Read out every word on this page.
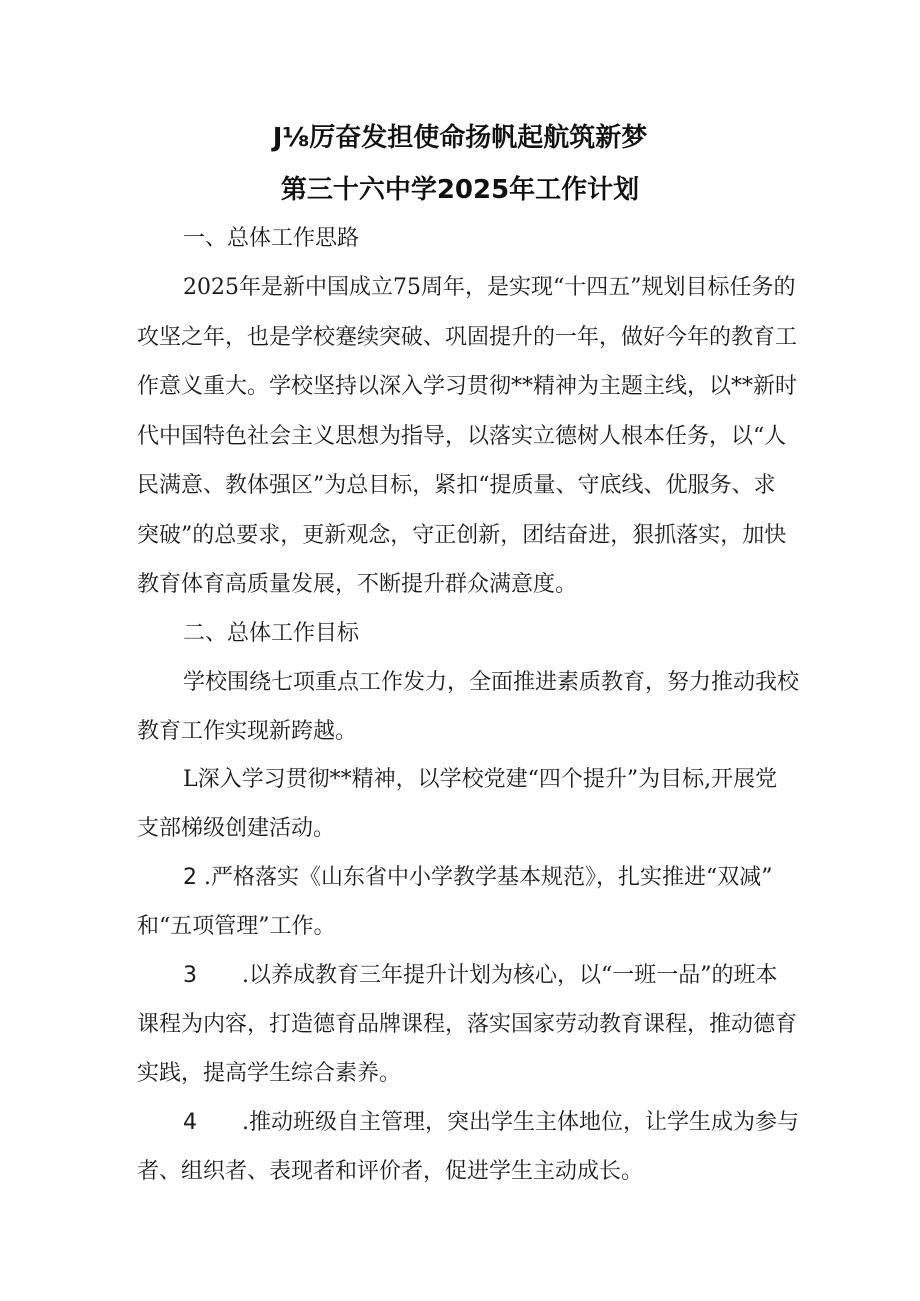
J⅛厉奋发担使命扬帆起航筑新梦
第三十六中学2025年工作计划
一、总体工作思路
2025年是新中国成立75周年，是实现“十四五”规划目标任务的
攻坚之年，也是学校蹇续突破、巩固提升的一年，做好今年的教育工
作意义重大。学校坚持以深入学习贯彻**精神为主题主线，以**新时
代中国特色社会主义思想为指导，以落实立德树人根本任务，以“人
民满意、教体强区”为总目标，紧扣“提质量、守底线、优服务、求
突破”的总要求，更新观念，守正创新，团结奋进，狠抓落实，加快
教育体育高质量发展，不断提升群众满意度。
二、总体工作目标
学校围绕七项重点工作发力，全面推进素质教育，努力推动我校
教育工作实现新跨越。
L深入学习贯彻**精神，以学校党建“四个提升”为目标,开展党
支部梯级创建活动。
2 .严格落实《山东省中小学教学基本规范》，扎实推进“双减”
和“五项管理”工作。
3 .以养成教育三年提升计划为核心，以“一班一品”的班本
课程为内容，打造德育品牌课程，落实国家劳动教育课程，推动德育
实践，提高学生综合素养。
4 .推动班级自主管理，突出学生主体地位，让学生成为参与
者、组织者、表现者和评价者，促进学生主动成长。
